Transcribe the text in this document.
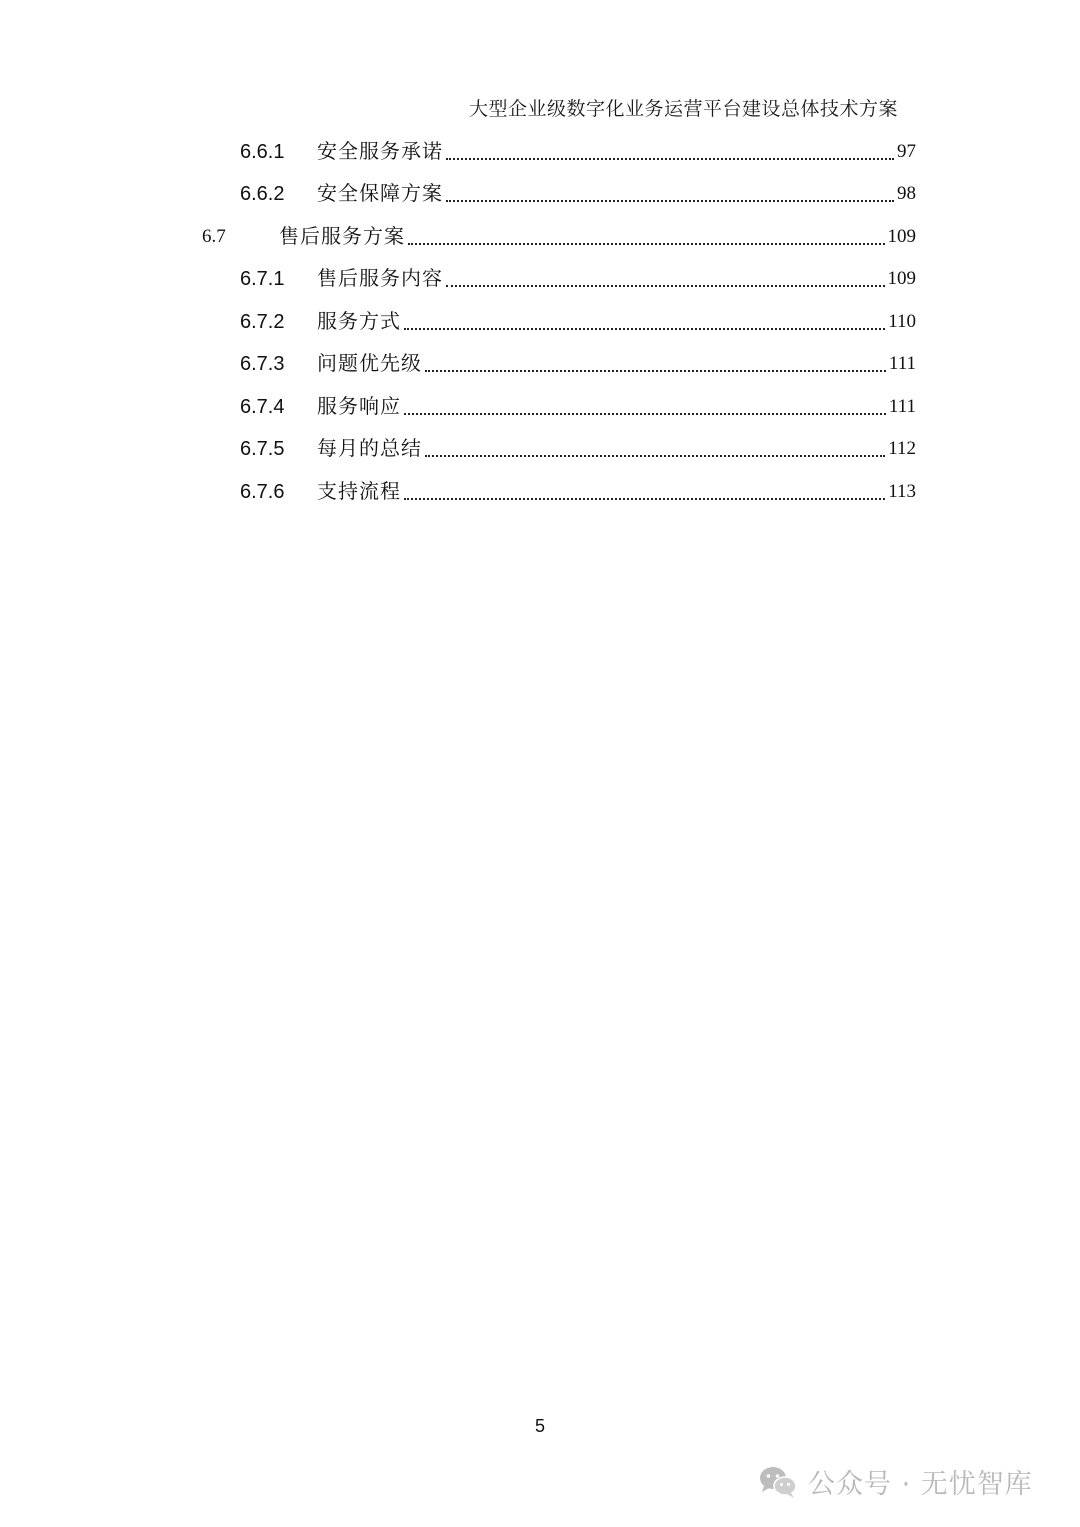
大型企业级数字化业务运营平台建设总体技术方案
6.6.1	安全服务承诺	97
6.6.2	安全保障方案	98
6.7	售后服务方案	109
6.7.1	售后服务内容	109
6.7.2	服务方式	110
6.7.3	问题优先级	111
6.7.4	服务响应	111
6.7.5	每月的总结	112
6.7.6	支持流程	113
5
公众号 · 无忧智库
